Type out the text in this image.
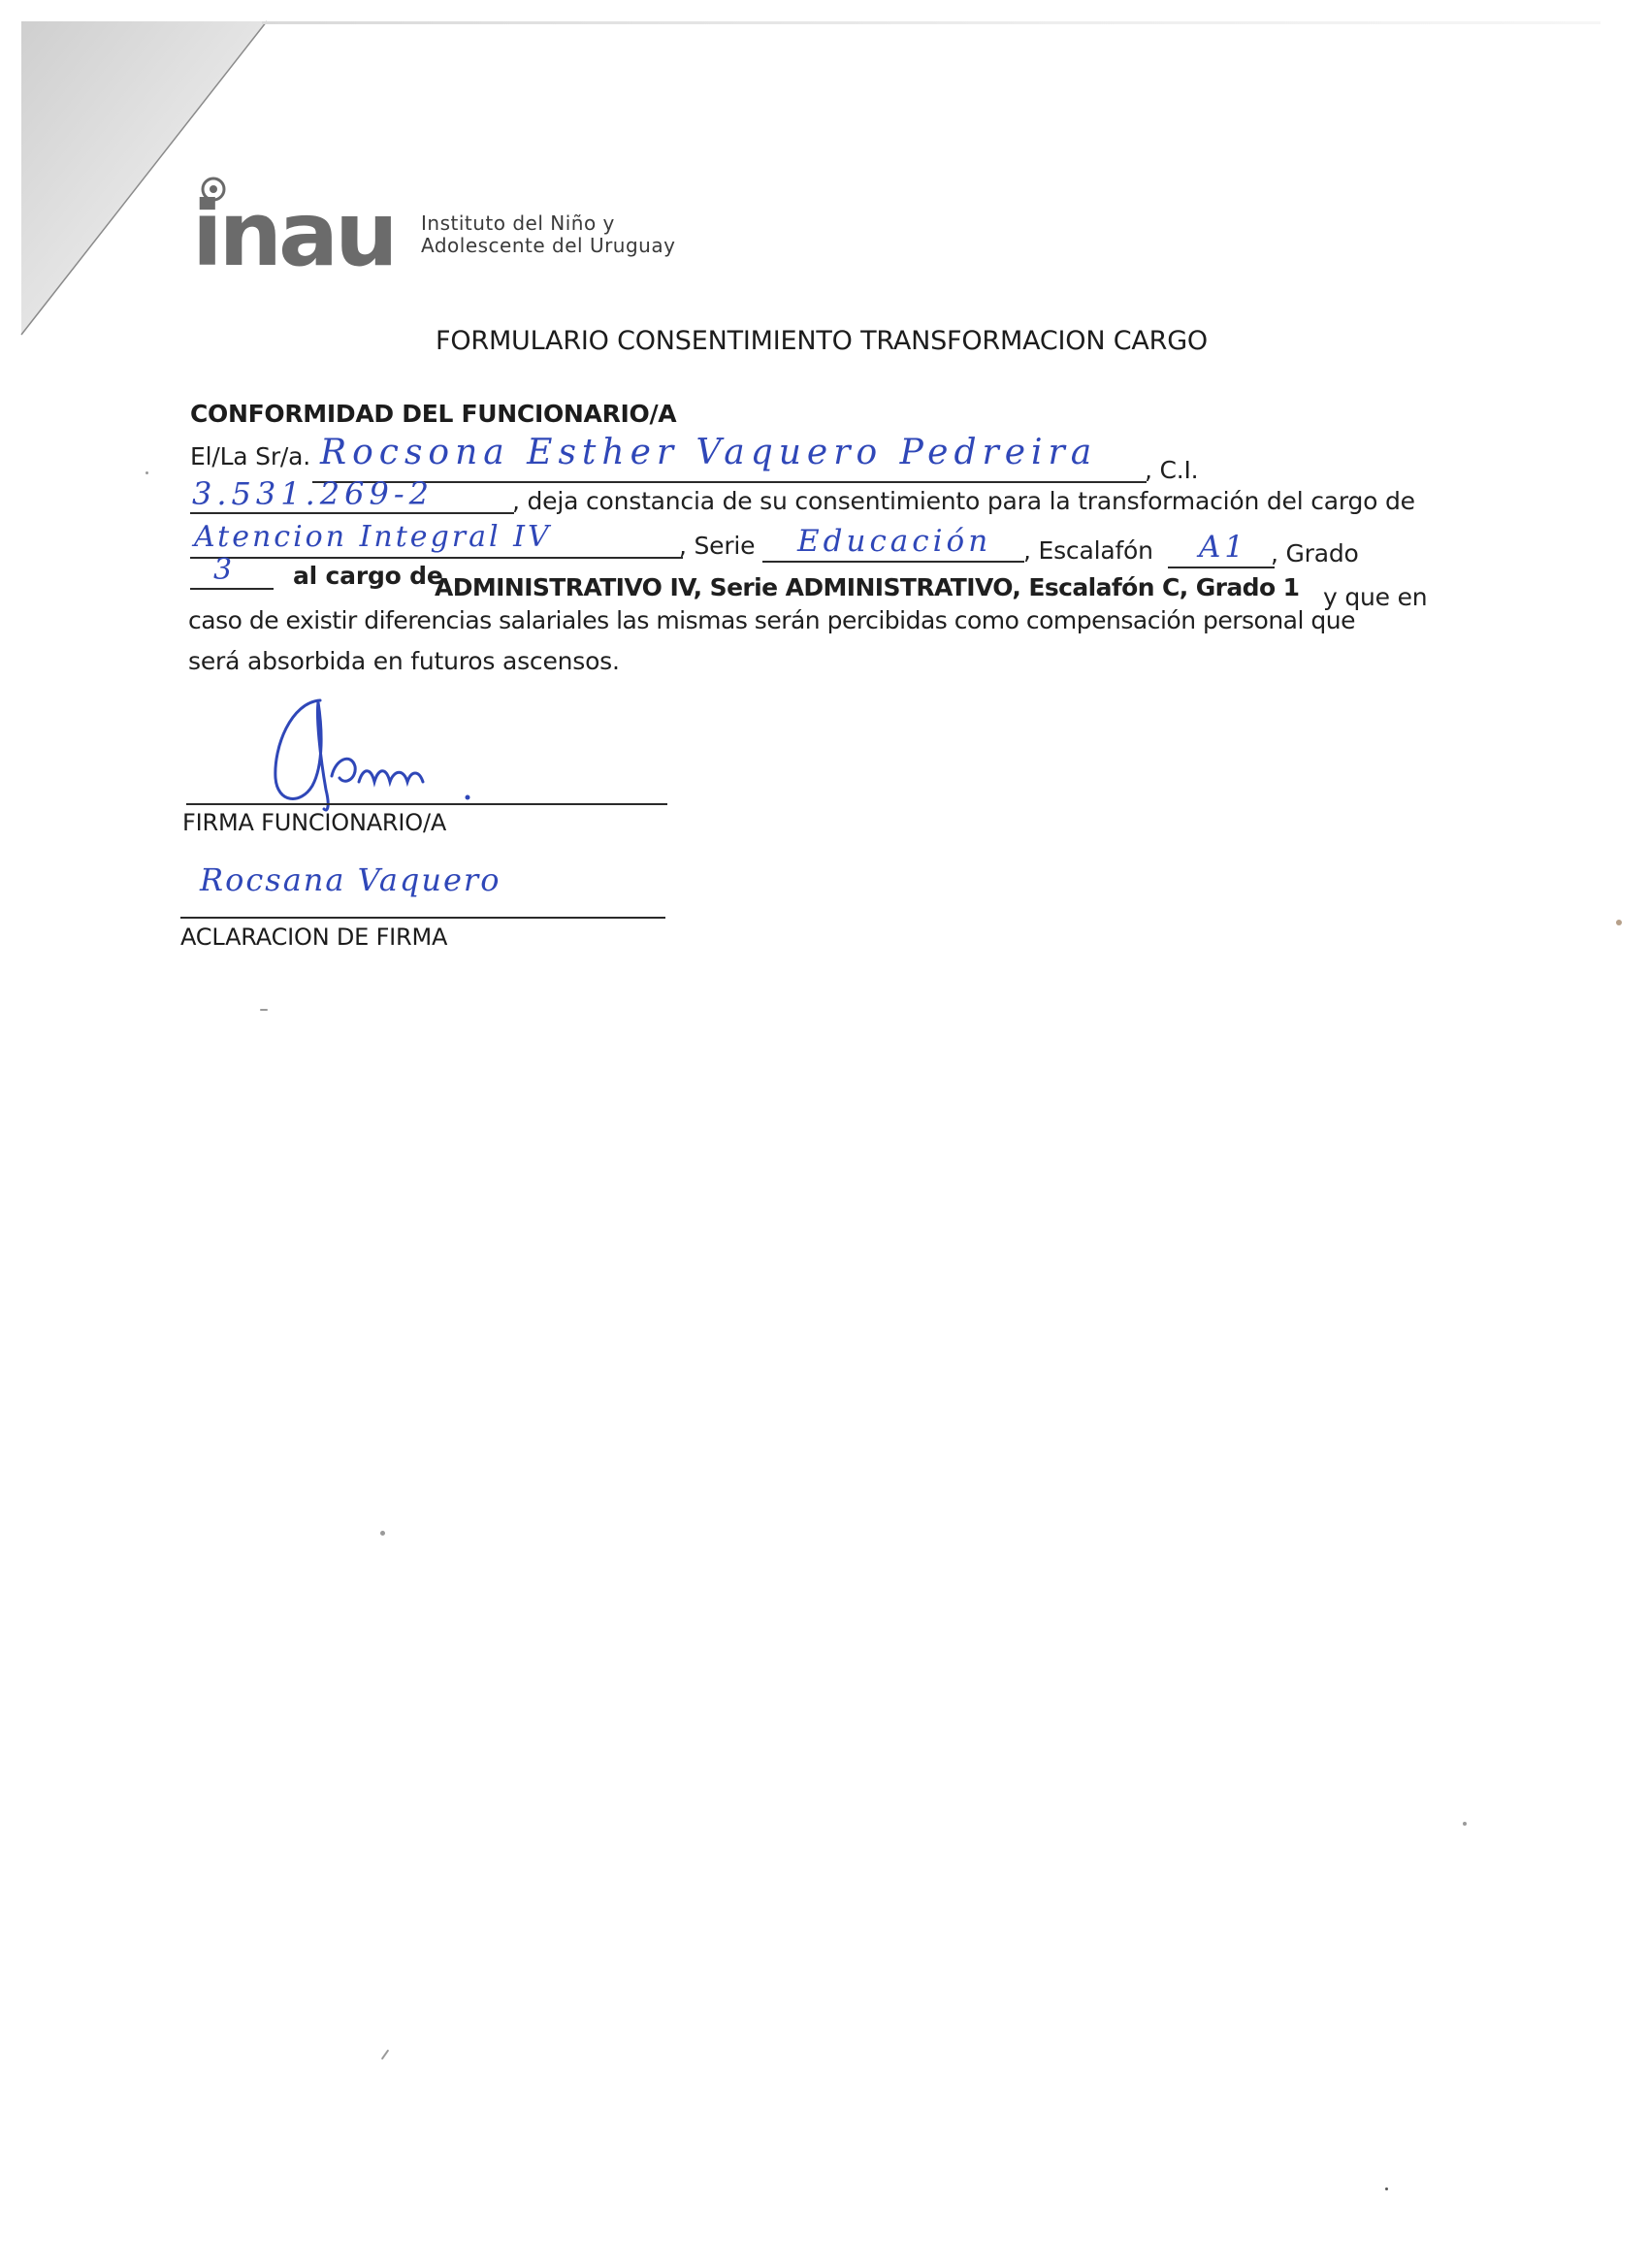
inau Instituto del Niño y
Adolescente del Uruguay
FORMULARIO CONSENTIMIENTO TRANSFORMACION CARGO
CONFORMIDAD DEL FUNCIONARIO/A
El/La Sr/a. Rocsona Esther Vaquero Pedreira , C.I.
3.531.269-2	, deja constancia de su consentimiento para la transformación del cargo de
Atencion Integral IV	, Serie Educación , Escalafón A1 , Grado
3 al cargo de
ADMINISTRATIVO IV, Serie ADMINISTRATIVO, Escalafón C, Grado 1 y que en
caso de existir diferencias salariales las mismas serán percibidas como compensación personal que
será absorbida en futuros ascensos.
FIRMA FUNCIONARIO/A
Rocsana Vaquero
ACLARACION DE FIRMA
